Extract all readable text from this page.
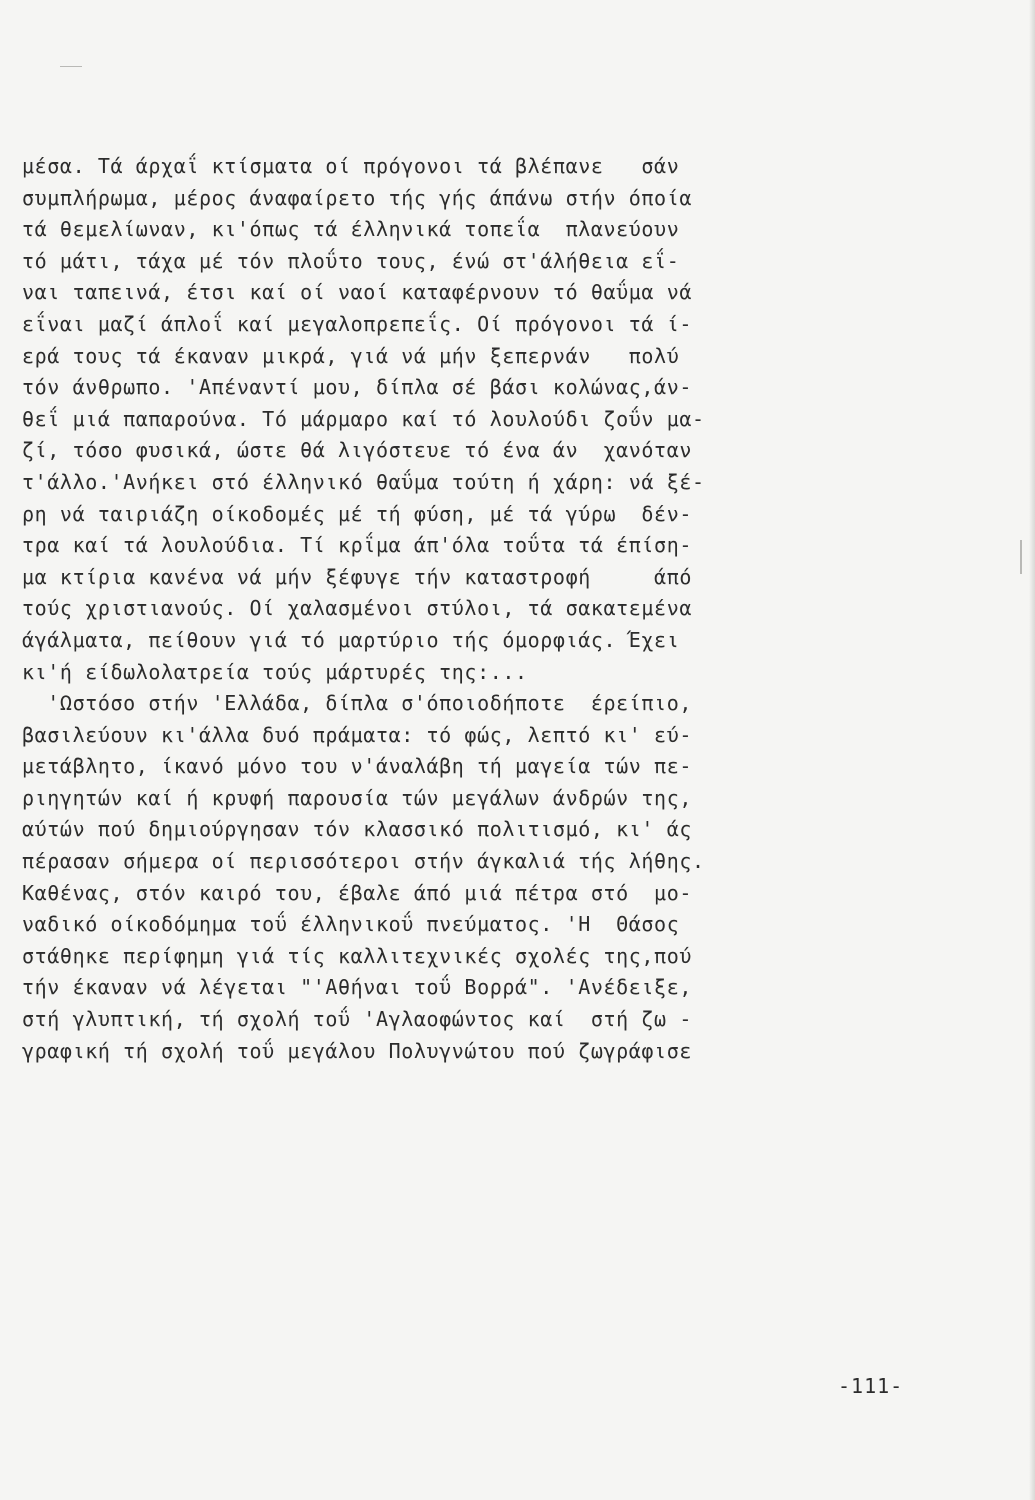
μέσα. Τά άρχαΐ κτίσματα οί πρόγονοι τά βλέπανε   σάν
συμπλήρωμα, μέρος άναφαίρετο τής γής άπάνω στήν όποία
τά θεμελίωναν, κι'όπως τά έλληνικά τοπεΐα  πλανεύουν
τό μάτι, τάχα μέ τόν πλοΰτο τους, ένώ στ'άλήθεια εΐ-
ναι ταπεινά, έτσι καί οί ναοί καταφέρνουν τό θαΰμα νά
εΐναι μαζί άπλοΐ καί μεγαλοπρεπεΐς. Οί πρόγονοι τά ί-
ερά τους τά έκαναν μικρά, γιά νά μήν ξεπερνάν   πολύ
τόν άνθρωπο. 'Απέναντί μου, δίπλα σέ βάσι κολώνας,άν-
θεΐ μιά παπαρούνα. Τό μάρμαρο καί τό λουλούδι ζοΰν μα-
ζί, τόσο φυσικά, ώστε θά λιγόστευε τό ένα άν  χανόταν
τ'άλλο.'Ανήκει στό έλληνικό θαΰμα τούτη ή χάρη: νά ξέ-
ρη νά ταιριάζη οίκοδομές μέ τή φύση, μέ τά γύρω  δέν-
τρα καί τά λουλούδια. Τί κρΐμα άπ'όλα τοΰτα τά έπίση-
μα κτίρια κανένα νά μήν ξέφυγε τήν καταστροφή     άπό
τούς χριστιανούς. Οί χαλασμένοι στύλοι, τά σακατεμένα
άγάλματα, πείθουν γιά τό μαρτύριο τής όμορφιάς. Έχει
κι'ή είδωλολατρεία τούς μάρτυρές της:...
'Ωστόσο στήν 'Ελλάδα, δίπλα σ'όποιοδήποτε  έρείπιο,
βασιλεύουν κι'άλλα δυό πράματα: τό φώς, λεπτό κι' εύ-
μετάβλητο, ίκανό μόνο του ν'άναλάβη τή μαγεία τών πε-
ριηγητών καί ή κρυφή παρουσία τών μεγάλων άνδρών της,
αύτών πού δημιούργησαν τόν κλασσικό πολιτισμό, κι' άς
πέρασαν σήμερα οί περισσότεροι στήν άγκαλιά τής λήθης.
Καθένας, στόν καιρό του, έβαλε άπό μιά πέτρα στό  μο-
ναδικό οίκοδόμημα τοΰ έλληνικοΰ πνεύματος. 'Η  Θάσος
στάθηκε περίφημη γιά τίς καλλιτεχνικές σχολές της,πού
τήν έκαναν νά λέγεται "'Αθήναι τοΰ Βορρά". 'Ανέδειξε,
στή γλυπτική, τή σχολή τοΰ 'Αγλαοφώντος καί  στή ζω -
γραφική τή σχολή τοΰ μεγάλου Πολυγνώτου πού ζωγράφισε
-111-
